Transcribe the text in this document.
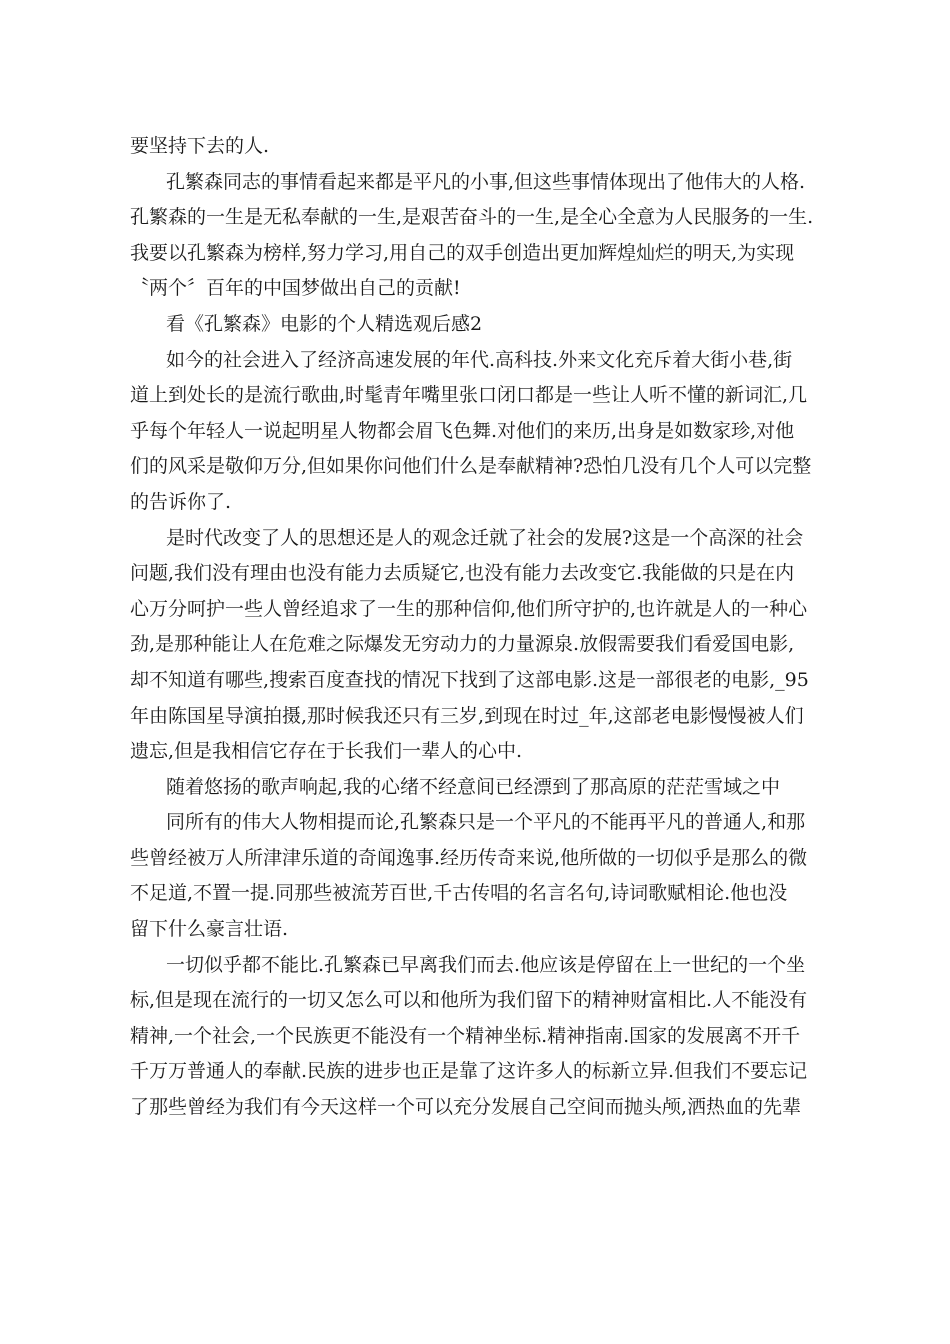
要坚持下去的人.
孔繁森同志的事情看起来都是平凡的小事,但这些事情体现出了他伟大的人格.
孔繁森的一生是无私奉献的一生,是艰苦奋斗的一生,是全心全意为人民服务的一生.
我要以孔繁森为榜样,努力学习,用自己的双手创造出更加辉煌灿烂的明天,为实现
〝两个〞百年的中国梦做出自己的贡献!
看《孔繁森》电影的个人精选观后感2
如今的社会进入了经济高速发展的年代.高科技.外来文化充斥着大街小巷,街
道上到处长的是流行歌曲,时髦青年嘴里张口闭口都是一些让人听不懂的新词汇,几
乎每个年轻人一说起明星人物都会眉飞色舞.对他们的来历,出身是如数家珍,对他
们的风采是敬仰万分,但如果你问他们什么是奉献精神?恐怕几没有几个人可以完整
的告诉你了.
是时代改变了人的思想还是人的观念迁就了社会的发展?这是一个高深的社会
问题,我们没有理由也没有能力去质疑它,也没有能力去改变它.我能做的只是在内
心万分呵护一些人曾经追求了一生的那种信仰,他们所守护的,也许就是人的一种心
劲,是那种能让人在危难之际爆发无穷动力的力量源泉.放假需要我们看爱国电影,
却不知道有哪些,搜索百度查找的情况下找到了这部电影.这是一部很老的电影,_95
年由陈国星导演拍摄,那时候我还只有三岁,到现在时过_年,这部老电影慢慢被人们
遗忘,但是我相信它存在于长我们一辈人的心中.
随着悠扬的歌声响起,我的心绪不经意间已经漂到了那高原的茫茫雪域之中
同所有的伟大人物相提而论,孔繁森只是一个平凡的不能再平凡的普通人,和那
些曾经被万人所津津乐道的奇闻逸事.经历传奇来说,他所做的一切似乎是那么的微
不足道,不置一提.同那些被流芳百世,千古传唱的名言名句,诗词歌赋相论.他也没
留下什么豪言壮语.
一切似乎都不能比.孔繁森已早离我们而去.他应该是停留在上一世纪的一个坐
标,但是现在流行的一切又怎么可以和他所为我们留下的精神财富相比.人不能没有
精神,一个社会,一个民族更不能没有一个精神坐标.精神指南.国家的发展离不开千
千万万普通人的奉献.民族的进步也正是靠了这许多人的标新立异.但我们不要忘记
了那些曾经为我们有今天这样一个可以充分发展自己空间而抛头颅,洒热血的先辈
